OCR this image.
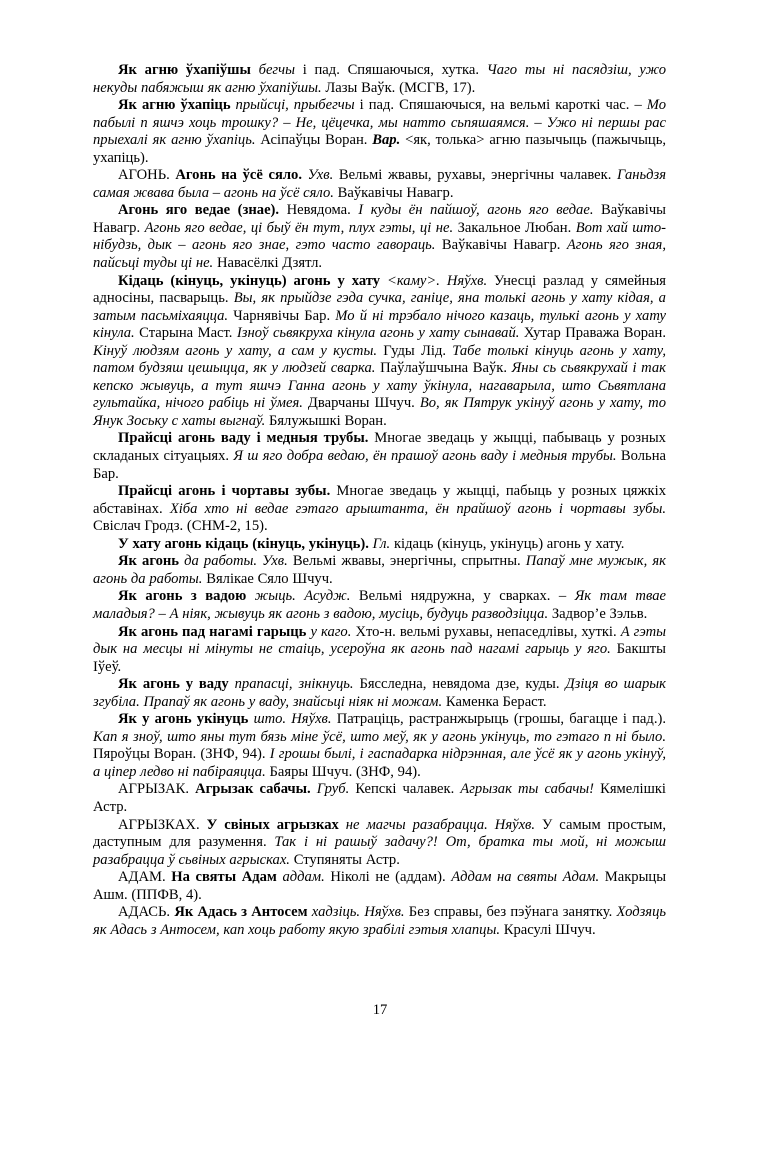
Як агню ўхапіўшы бегчы і пад. Спяшаючыся, хутка. Чаго ты ні пасядзіш, ужо некуды пабяжыш як агню ўхапіўшы. Лазы Ваўк. (МСГВ, 17).

Як агню ўхапіць прыйсці, прыбегчы і пад. Спяшаючыся, на вельмі кароткі час. – Мо пабылі п яшчэ хоць трошку? – Не, цёцечка, мы натто сьпяшаямся. – Ужо ні першы рас прыехалі як агню ўхапіць. Асіпаўцы Воран. Вар. <як, толька> агню пазычыць (пажычыць, ухапіць).

АГОНЬ. Агонь на ўсё сяло. Ухв. Вельмі жвавы, рухавы, энергічны чалавек. Ганьдзя самая жвава была – агонь на ўсё сяло. Ваўкавічы Навагр.

Агонь яго ведае (знае). Невядома. І куды ён пайшоў, агонь яго ведае. Ваўкавічы Навагр. Агонь яго ведае, ці быў ён тут, плух гэты, ці не. Закальное Любан. Вот хай што-нібудзь, дык – агонь яго знае, гэто часто гавораць. Ваўкавічы Навагр. Агонь яго зная, пайсьці туды ці не. Навасёлкі Дзятл.

Кідаць (кінуць, укінуць) агонь у хату <каму>. Няўхв. Унесці разлад у сямейныя адносіны, пасварыць. Вы, як прыйдзе гэда сучка, ганіце, яна толькі агонь у хату кідая, а затым пасьміхаяцца. Чарнявічы Бар. Мо й ні трэбало нічого казаць, тулькі агонь у хату кінула. Старына Маст. Ізноў сьвякруха кінула агонь у хату сынавай. Хутар Праважа Воран. Кінуў людзям агонь у хату, а сам у кусты. Гуды Лід. Табе толькі кінуць агонь у хату, патом будзяш цешыцца, як у людзей сварка. Паўлаўшчына Ваўк. Яны сь сьвякрухай і так кепско жывуць, а тут яшчэ Ганна агонь у хату ўкінула, нагаварыла, што Сьвятлана гультайка, нічого рабіць ні ўмея. Дварчаны Шчуч. Во, як Пятрук укінуў агонь у хату, то Янук Зоську с хаты выгнаў. Бялужышкі Воран.

Прайсці агонь ваду і медныя трубы. Многае зведаць у жыцці, пабываць у розных складаных сітуацыях. Я ш яго добра ведаю, ён прашоў агонь ваду і медныя трубы. Вольна Бар.

Прайсці агонь і чортавы зубы. Многае зведаць у жыцці, пабыць у розных цяжкіх абставінах. Хіба хто ні ведае гэтаго арыштанта, ён прайшоў агонь і чортавы зубы. Свіслач Гродз. (СНМ-2, 15).

У хату агонь кідаць (кінуць, укінуць). Гл. кідаць (кінуць, укінуць) агонь у хату.

Як агонь да работы. Ухв. Вельмі жвавы, энергічны, спрытны. Папаў мне мужык, як агонь да работы. Вялікае Сяло Шчуч.

Як агонь з вадою жыць. Асудж. Вельмі нядружна, у сварках. – Як там твае маладыя? – А ніяк, жывуць як агонь з вадою, мусіць, будуць разводзіцца. Задвор’е Зэльв.

Як агонь пад нагамі гарыць у каго. Хто-н. вельмі рухавы, непаседлівы, хуткі. А гэты дык на месцы ні мінуты не стаіць, усероўна як агонь пад нагамі гарыць у яго. Бакшты Іўеў.

Як агонь у ваду прапасці, знікнуць. Бясследна, невядома дзе, куды. Дзіця во шарык згубіла. Прапаў як агонь у ваду, знайсьці ніяк ні можам. Каменка Бераст.

Як у агонь укінуць што. Няўхв. Патраціць, растранжырыць (грошы, багацце і пад.). Кап я зноў, што яны тут бязь міне ўсё, што меў, як у агонь укінуць, то гэтаго п ні было. Пяроўцы Воран. (ЗНФ, 94). І грошы былі, і гаспадарка нідрэнная, але ўсё як у агонь укінуў, а ціпер ледво ні пабіраяцца. Баяры Шчуч. (ЗНФ, 94).

АГРЫЗАК. Агрызак сабачы. Груб. Кепскі чалавек. Агрызак ты сабачы! Кямелішкі Астр.

АГРЫЗКАХ. У свіных агрызках не магчы разабрацца. Няўхв. У самым простым, даступным для разумення. Так і ні рашыў задачу?! От, братка ты мой, ні можыш разабрацца ў сьвіных агрысках. Ступяняты Астр.

АДАМ. На святы Адам аддам. Ніколі не (аддам). Аддам на святы Адам. Макрыцы Ашм. (ППФВ, 4).

АДАСЬ. Як Адась з Антосем хадзіць. Няўхв. Без справы, без пэўнага занятку. Ходзяць як Адась з Антосем, кап хоць работу якую зрабілі гэтыя хлапцы. Красулі Шчуч.

17
